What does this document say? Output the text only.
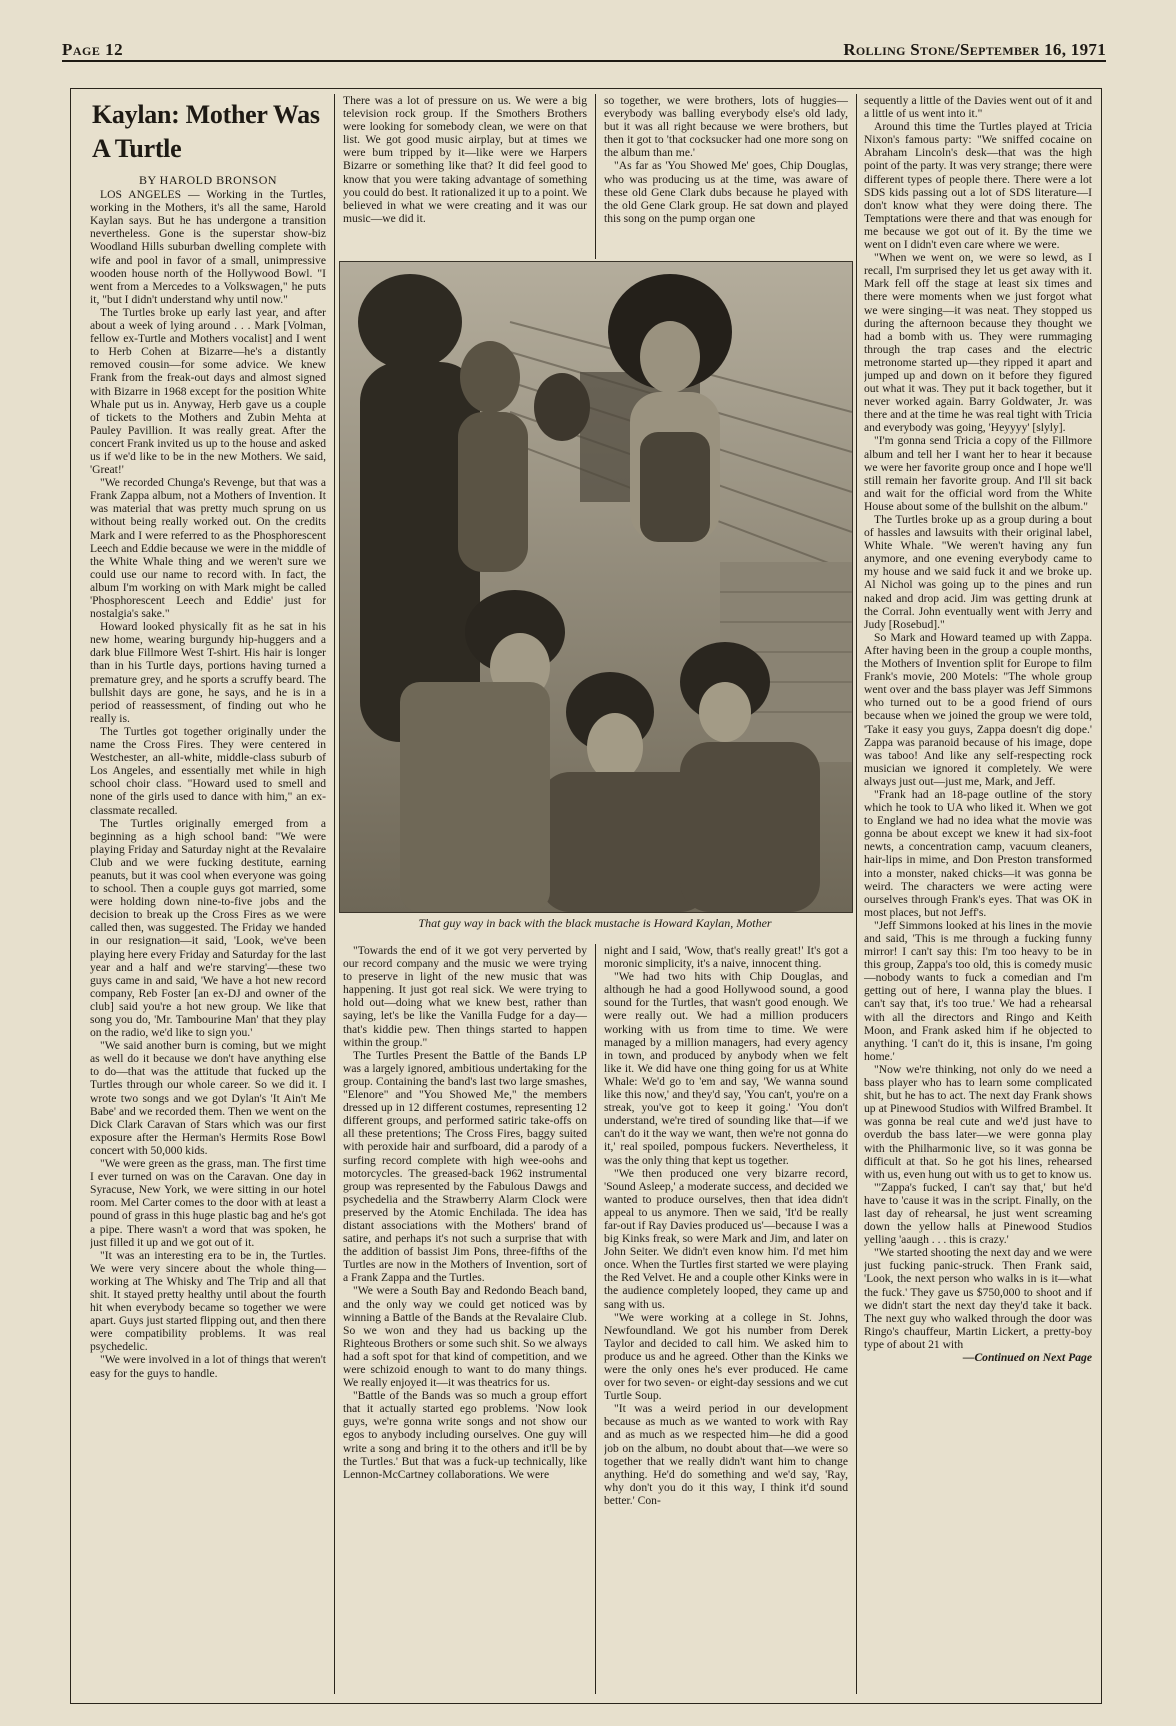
Page 12	Rolling Stone/September 16, 1971
Kaylan: Mother Was A Turtle
BY HAROLD BRONSON

LOS ANGELES — Working in the Turtles, working in the Mothers, it's all the same, Harold Kaylan says. But he has undergone a transition nevertheless. Gone is the superstar show-biz Woodland Hills suburban dwelling complete with wife and pool in favor of a small, unimpressive wooden house north of the Hollywood Bowl. "I went from a Mercedes to a Volkswagen," he puts it, "but I didn't understand why until now."

The Turtles broke up early last year, and after about a week of lying around . . . Mark [Volman, fellow ex-Turtle and Mothers vocalist] and I went to Herb Cohen at Bizarre—he's a distantly removed cousin—for some advice. We knew Frank from the freak-out days and almost signed with Bizarre in 1968 except for the position White Whale put us in. Anyway, Herb gave us a couple of tickets to the Mothers and Zubin Mehta at Pauley Pavillion. It was really great. After the concert Frank invited us up to the house and asked us if we'd like to be in the new Mothers. We said, 'Great!'

"We recorded Chunga's Revenge, but that was a Frank Zappa album, not a Mothers of Invention. It was material that was pretty much sprung on us without being really worked out. On the credits Mark and I were referred to as the Phosphorescent Leech and Eddie because we were in the middle of the White Whale thing and we weren't sure we could use our name to record with. In fact, the album I'm working on with Mark might be called 'Phosphorescent Leech and Eddie' just for nostalgia's sake."

Howard looked physically fit as he sat in his new home, wearing burgundy hip-huggers and a dark blue Fillmore West T-shirt. His hair is longer than in his Turtle days, portions having turned a premature grey, and he sports a scruffy beard. The bullshit days are gone, he says, and he is in a period of reassessment, of finding out who he really is.

The Turtles got together originally under the name the Cross Fires. They were centered in Westchester, an all-white, middle-class suburb of Los Angeles, and essentially met while in high school choir class. "Howard used to smell and none of the girls used to dance with him," an ex-classmate recalled.

The Turtles originally emerged from a beginning as a high school band: "We were playing Friday and Saturday night at the Revalaire Club and we were fucking destitute, earning peanuts, but it was cool when everyone was going to school. Then a couple guys got married, some were holding down nine-to-five jobs and the decision to break up the Cross Fires as we were called then, was suggested. The Friday we handed in our resignation—it said, 'Look, we've been playing here every Friday and Saturday for the last year and a half and we're starving'—these two guys came in and said, 'We have a hot new record company, Reb Foster [an ex-DJ and owner of the club] said you're a hot new group. We like that song you do, 'Mr. Tambourine Man' that they play on the radio, we'd like to sign you.'

"We said another burn is coming, but we might as well do it because we don't have anything else to do—that was the attitude that fucked up the Turtles through our whole career. So we did it. I wrote two songs and we got Dylan's 'It Ain't Me Babe' and we recorded them. Then we went on the Dick Clark Caravan of Stars which was our first exposure after the Herman's Hermits Rose Bowl concert with 50,000 kids.

"We were green as the grass, man. The first time I ever turned on was on the Caravan. One day in Syracuse, New York, we were sitting in our hotel room. Mel Carter comes to the door with at least a pound of grass in this huge plastic bag and he's got a pipe. There wasn't a word that was spoken, he just filled it up and we got out of it.

"It was an interesting era to be in, the Turtles. We were very sincere about the whole thing—working at The Whisky and The Trip and all that shit. It stayed pretty healthy until about the fourth hit when everybody became so together we were apart. Guys just started flipping out, and then there were compatibility problems. It was real psychedelic.

"We were involved in a lot of things that weren't easy for the guys to handle.

There was a lot of pressure on us. We were a big television rock group. If the Smothers Brothers were looking for somebody clean, we were on that list. We got good music airplay, but at times we were bum tripped by it—like were we Harpers Bizarre or something like that? It did feel good to know that you were taking advantage of something you could do best. It rationalized it up to a point. We believed in what we were creating and it was our music—we did it.

so together, we were brothers, lots of huggies—everybody was balling everybody else's old lady, but it was all right because we were brothers, but then it got to 'that cocksucker had one more song on the album than me.'

"As far as 'You Showed Me' goes, Chip Douglas, who was producing us at the time, was aware of these old Gene Clark dubs because he played with the old Gene Clark group. He sat down and played this song on the pump organ one

That guy way in back with the black mustache is Howard Kaylan, Mother

"Towards the end of it we got very perverted by our record company and the music we were trying to preserve in light of the new music that was happening. It just got real sick. We were trying to hold out—doing what we knew best, rather than saying, let's be like the Vanilla Fudge for a day—that's kiddie pew. Then things started to happen within the group."

The Turtles Present the Battle of the Bands LP was a largely ignored, ambitious undertaking for the group. Containing the band's last two large smashes, "Elenore" and "You Showed Me," the members dressed up in 12 different costumes, representing 12 different groups, and performed satiric take-offs on all these pretentions; The Cross Fires, baggy suited with peroxide hair and surfboard, did a parody of a surfing record complete with high wee-oohs and motorcycles. The greased-back 1962 instrumental group was represented by the Fabulous Dawgs and psychedelia and the Strawberry Alarm Clock were preserved by the Atomic Enchilada. The idea has distant associations with the Mothers' brand of satire, and perhaps it's not such a surprise that with the addition of bassist Jim Pons, three-fifths of the Turtles are now in the Mothers of Invention, sort of a Frank Zappa and the Turtles.

"We were a South Bay and Redondo Beach band, and the only way we could get noticed was by winning a Battle of the Bands at the Revalaire Club. So we won and they had us backing up the Righteous Brothers or some such shit. So we always had a soft spot for that kind of competition, and we were schizoid enough to want to do many things. We really enjoyed it—it was theatrics for us.

"Battle of the Bands was so much a group effort that it actually started ego problems. 'Now look guys, we're gonna write songs and not show our egos to anybody including ourselves. One guy will write a song and bring it to the others and it'll be by the Turtles.' But that was a fuck-up technically, like Lennon-McCartney collaborations. We were

night and I said, 'Wow, that's really great!' It's got a moronic simplicity, it's a naive, innocent thing.

"We had two hits with Chip Douglas, and although he had a good Hollywood sound, a good sound for the Turtles, that wasn't good enough. We were really out. We had a million producers working with us from time to time. We were managed by a million managers, had every agency in town, and produced by anybody when we felt like it. We did have one thing going for us at White Whale: We'd go to 'em and say, 'We wanna sound like this now,' and they'd say, 'You can't, you're on a streak, you've got to keep it going.' 'You don't understand, we're tired of sounding like that—if we can't do it the way we want, then we're not gonna do it,' real spoiled, pompous fuckers. Nevertheless, it was the only thing that kept us together.

"We then produced one very bizarre record, 'Sound Asleep,' a moderate success, and decided we wanted to produce ourselves, then that idea didn't appeal to us anymore. Then we said, 'It'd be really far-out if Ray Davies produced us'—because I was a big Kinks freak, so were Mark and Jim, and later on John Seiter. We didn't even know him. I'd met him once. When the Turtles first started we were playing the Red Velvet. He and a couple other Kinks were in the audience completely looped, they came up and sang with us.

"We were working at a college in St. Johns, Newfoundland. We got his number from Derek Taylor and decided to call him. We asked him to produce us and he agreed. Other than the Kinks we were the only ones he's ever produced. He came over for two seven- or eight-day sessions and we cut Turtle Soup.

"It was a weird period in our development because as much as we wanted to work with Ray and as much as we respected him—he did a good job on the album, no doubt about that—we were so together that we really didn't want him to change anything. He'd do something and we'd say, 'Ray, why don't you do it this way, I think it'd sound better.' Con-

sequently a little of the Davies went out of it and a little of us went into it."

Around this time the Turtles played at Tricia Nixon's famous party: "We sniffed cocaine on Abraham Lincoln's desk—that was the high point of the party. It was very strange; there were different types of people there. There were a lot SDS kids passing out a lot of SDS literature—I don't know what they were doing there. The Temptations were there and that was enough for me because we got out of it. By the time we went on I didn't even care where we were.

"When we went on, we were so lewd, as I recall, I'm surprised they let us get away with it. Mark fell off the stage at least six times and there were moments when we just forgot what we were singing—it was neat. They stopped us during the afternoon because they thought we had a bomb with us. They were rummaging through the trap cases and the electric metronome started up—they ripped it apart and jumped up and down on it before they figured out what it was. They put it back together, but it never worked again. Barry Goldwater, Jr. was there and at the time he was real tight with Tricia and everybody was going, 'Heyyyy' [slyly].

"I'm gonna send Tricia a copy of the Fillmore album and tell her I want her to hear it because we were her favorite group once and I hope we'll still remain her favorite group. And I'll sit back and wait for the official word from the White House about some of the bullshit on the album."

The Turtles broke up as a group during a bout of hassles and lawsuits with their original label, White Whale. "We weren't having any fun anymore, and one evening everybody came to my house and we said fuck it and we broke up. Al Nichol was going up to the pines and run naked and drop acid. Jim was getting drunk at the Corral. John eventually went with Jerry and Judy [Rosebud]."

So Mark and Howard teamed up with Zappa. After having been in the group a couple months, the Mothers of Invention split for Europe to film Frank's movie, 200 Motels: "The whole group went over and the bass player was Jeff Simmons who turned out to be a good friend of ours because when we joined the group we were told, 'Take it easy you guys, Zappa doesn't dig dope.' Zappa was paranoid because of his image, dope was taboo! And like any self-respecting rock musician we ignored it completely. We were always just out—just me, Mark, and Jeff.

"Frank had an 18-page outline of the story which he took to UA who liked it. When we got to England we had no idea what the movie was gonna be about except we knew it had six-foot newts, a concentration camp, vacuum cleaners, hair-lips in mime, and Don Preston transformed into a monster, naked chicks—it was gonna be weird. The characters we were acting were ourselves through Frank's eyes. That was OK in most places, but not Jeff's.

"Jeff Simmons looked at his lines in the movie and said, 'This is me through a fucking funny mirror! I can't say this: I'm too heavy to be in this group, Zappa's too old, this is comedy music—nobody wants to fuck a comedian and I'm getting out of here, I wanna play the blues. I can't say that, it's too true.' We had a rehearsal with all the directors and Ringo and Keith Moon, and Frank asked him if he objected to anything. 'I can't do it, this is insane, I'm going home.'

"Now we're thinking, not only do we need a bass player who has to learn some complicated shit, but he has to act. The next day Frank shows up at Pinewood Studios with Wilfred Brambel. It was gonna be real cute and we'd just have to overdub the bass later—we were gonna play with the Philharmonic live, so it was gonna be difficult at that. So he got his lines, rehearsed with us, even hung out with us to get to know us.

"'Zappa's fucked, I can't say that,' but he'd have to 'cause it was in the script. Finally, on the last day of rehearsal, he just went screaming down the yellow halls at Pinewood Studios yelling 'aaugh . . . this is crazy.'

"We started shooting the next day and we were just fucking panic-struck. Then Frank said, 'Look, the next person who walks in is it—what the fuck.' They gave us $750,000 to shoot and if we didn't start the next day they'd take it back. The next guy who walked through the door was Ringo's chauffeur, Martin Lickert, a pretty-boy type of about 21 with

—Continued on Next Page
